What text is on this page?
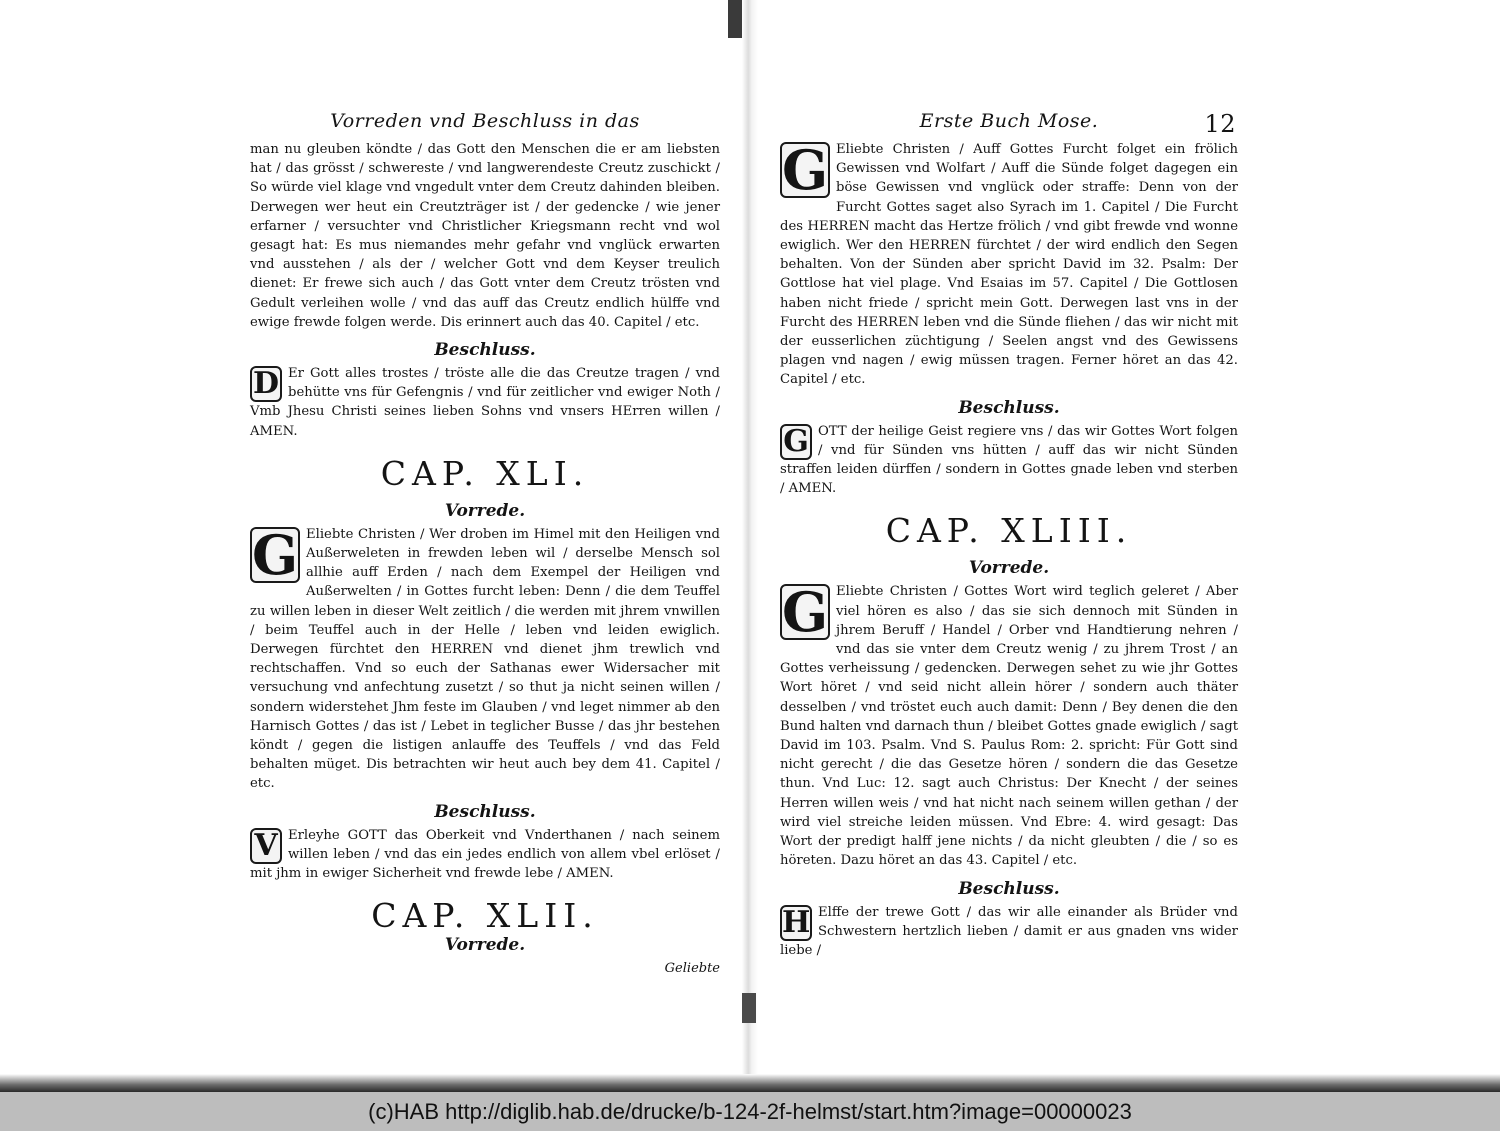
Vorreden vnd Beschluss in das

man nu gleuben köndte / das Gott den Menschen die er am liebsten hat / das grösst / schwereste / vnd langwerendeste Creutz zuschickt / So würde viel klage vnd vngedult vnter dem Creutz dahinden bleiben. Derwegen wer heut ein Creutzträger ist / der gedencke / wie jener erfarner / versuchter vnd Christlicher Kriegsmann recht vnd wol gesagt hat: Es mus niemandes mehr gefahr vnd vnglück erwarten vnd ausstehen / als der / welcher Gott vnd dem Keyser treulich dienet: Er frewe sich auch / das Gott vnter dem Creutz trösten vnd Gedult verleihen wolle / vnd das auff das Creutz endlich hülffe vnd ewige frewde folgen werde. Dis erinnert auch das 40. Capitel / etc.

Beschluss.
D Er Gott alles trostes / tröste alle die das Creutze tragen / vnd behütte vns für Gefengnis / vnd für zeitlicher vnd ewiger Noth / Vmb Jhesu Christi seines lieben Sohns vnd vnsers HErren willen / AMEN.

CAP. XLI.
Vorrede.
G Eliebte Christen / Wer droben im Himel mit den Heiligen vnd Außerweleten in frewden leben wil / derselbe Mensch sol allhie auff Erden / nach dem Exempel der Heiligen vnd Außerwelten / in Gottes furcht leben: Denn / die dem Teuffel zu willen leben in dieser Welt zeitlich / die werden mit jhrem vnwillen / beim Teuffel auch in der Helle / leben vnd leiden ewiglich. Derwegen fürchtet den HERREN vnd dienet jhm trewlich vnd rechtschaffen. Vnd so euch der Sathanas ewer Widersacher mit versuchung vnd anfechtung zusetzt / so thut ja nicht seinen willen / sondern widerstehet Jhm feste im Glauben / vnd leget nimmer ab den Harnisch Gottes / das ist / Lebet in teglicher Busse / das jhr bestehen köndt / gegen die listigen anlauffe des Teuffels / vnd das Feld behalten müget. Dis betrachten wir heut auch bey dem 41. Capitel / etc.

Beschluss.
V Erleyhe GOTT das Oberkeit vnd Vnderthanen / nach seinem willen leben / vnd das ein jedes endlich von allem vbel erlöset / mit jhm in ewiger Sicherheit vnd frewde lebe / AMEN.

CAP. XLII.
Vorrede.
Geliebte
Erste Buch Mose.	12
G Eliebte Christen / Auff Gottes Furcht folget ein frölich Gewissen vnd Wolfart / Auff die Sünde folget dagegen ein böse Gewissen vnd vnglück oder straffe: Denn von der Furcht Gottes saget also Syrach im 1. Capitel / Die Furcht des HERREN macht das Hertze frölich / vnd gibt frewde vnd wonne ewiglich. Wer den HERREN fürchtet / der wird endlich den Segen behalten. Von der Sünden aber spricht David im 32. Psalm: Der Gottlose hat viel plage. Vnd Esaias im 57. Capitel / Die Gottlosen haben nicht friede / spricht mein Gott. Derwegen last vns in der Furcht des HERREN leben vnd die Sünde fliehen / das wir nicht mit der eusserlichen züchtigung / Seelen angst vnd des Gewissens plagen vnd nagen / ewig müssen tragen. Ferner höret an das 42. Capitel / etc.

Beschluss.
G OTT der heilige Geist regiere vns / das wir Gottes Wort folgen / vnd für Sünden vns hütten / auff das wir nicht Sünden straffen leiden dürffen / sondern in Gottes gnade leben vnd sterben / AMEN.

CAP. XLIII.
Vorrede.
G Eliebte Christen / Gottes Wort wird teglich geleret / Aber viel hören es also / das sie sich dennoch mit Sünden in jhrem Beruff / Handel / Orber vnd Handtierung nehren / vnd das sie vnter dem Creutz wenig / zu jhrem Trost / an Gottes verheissung / gedencken. Derwegen sehet zu wie jhr Gottes Wort höret / vnd seid nicht allein hörer / sondern auch thäter desselben / vnd tröstet euch auch damit: Denn / Bey denen die den Bund halten vnd darnach thun / bleibet Gottes gnade ewiglich / sagt David im 103. Psalm. Vnd S. Paulus Rom: 2. spricht: Für Gott sind nicht gerecht / die das Gesetze hören / sondern die das Gesetze thun. Vnd Luc: 12. sagt auch Christus: Der Knecht / der seines Herren willen weis / vnd hat nicht nach seinem willen gethan / der wird viel streiche leiden müssen. Vnd Ebre: 4. wird gesagt: Das Wort der predigt halff jene nichts / da nicht gleubten / die / so es höreten. Dazu höret an das 43. Capitel / etc.

Beschluss.
H Elffe der trewe Gott / das wir alle einander als Brüder vnd Schwestern hertzlich lieben / damit er aus gnaden vns wider liebe /

(c)HAB http://diglib.hab.de/drucke/b-124-2f-helmst/start.htm?image=00000023
